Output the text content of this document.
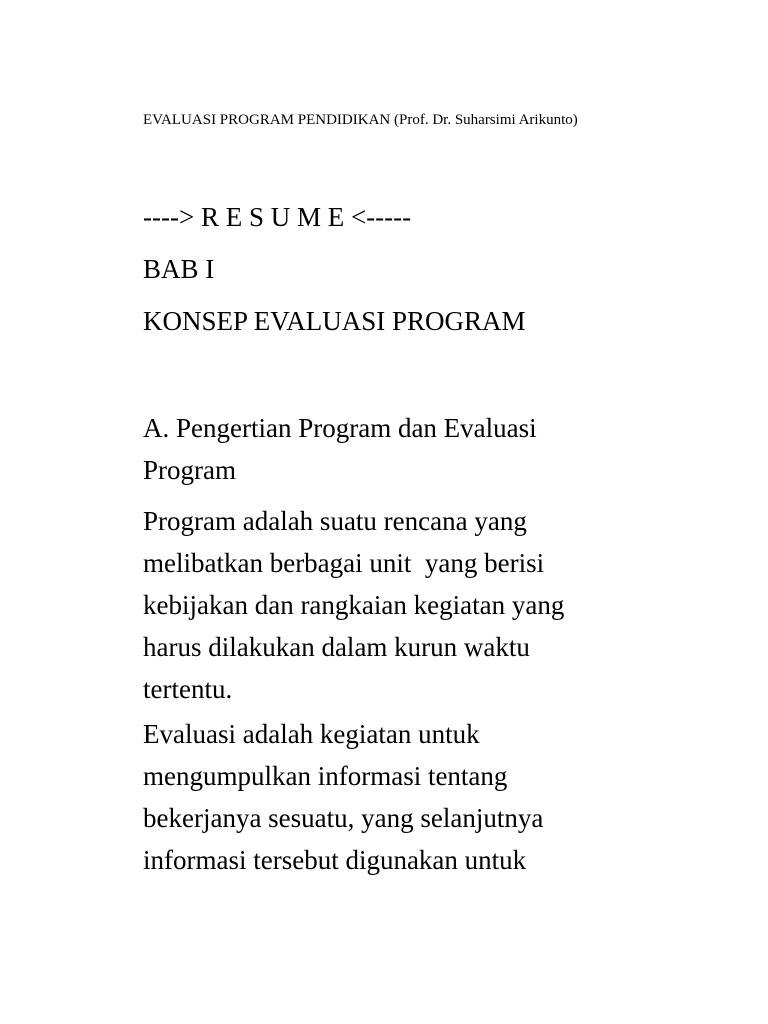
EVALUASI PROGRAM PENDIDIKAN (Prof. Dr. Suharsimi Arikunto)
----> R E S U M E <-----
BAB I
KONSEP EVALUASI PROGRAM
A. Pengertian Program dan Evaluasi
Program
Program adalah suatu rencana yang
melibatkan berbagai unit  yang berisi
kebijakan dan rangkaian kegiatan yang
harus dilakukan dalam kurun waktu
tertentu.
Evaluasi adalah kegiatan untuk
mengumpulkan informasi tentang
bekerjanya sesuatu, yang selanjutnya
informasi tersebut digunakan untuk
